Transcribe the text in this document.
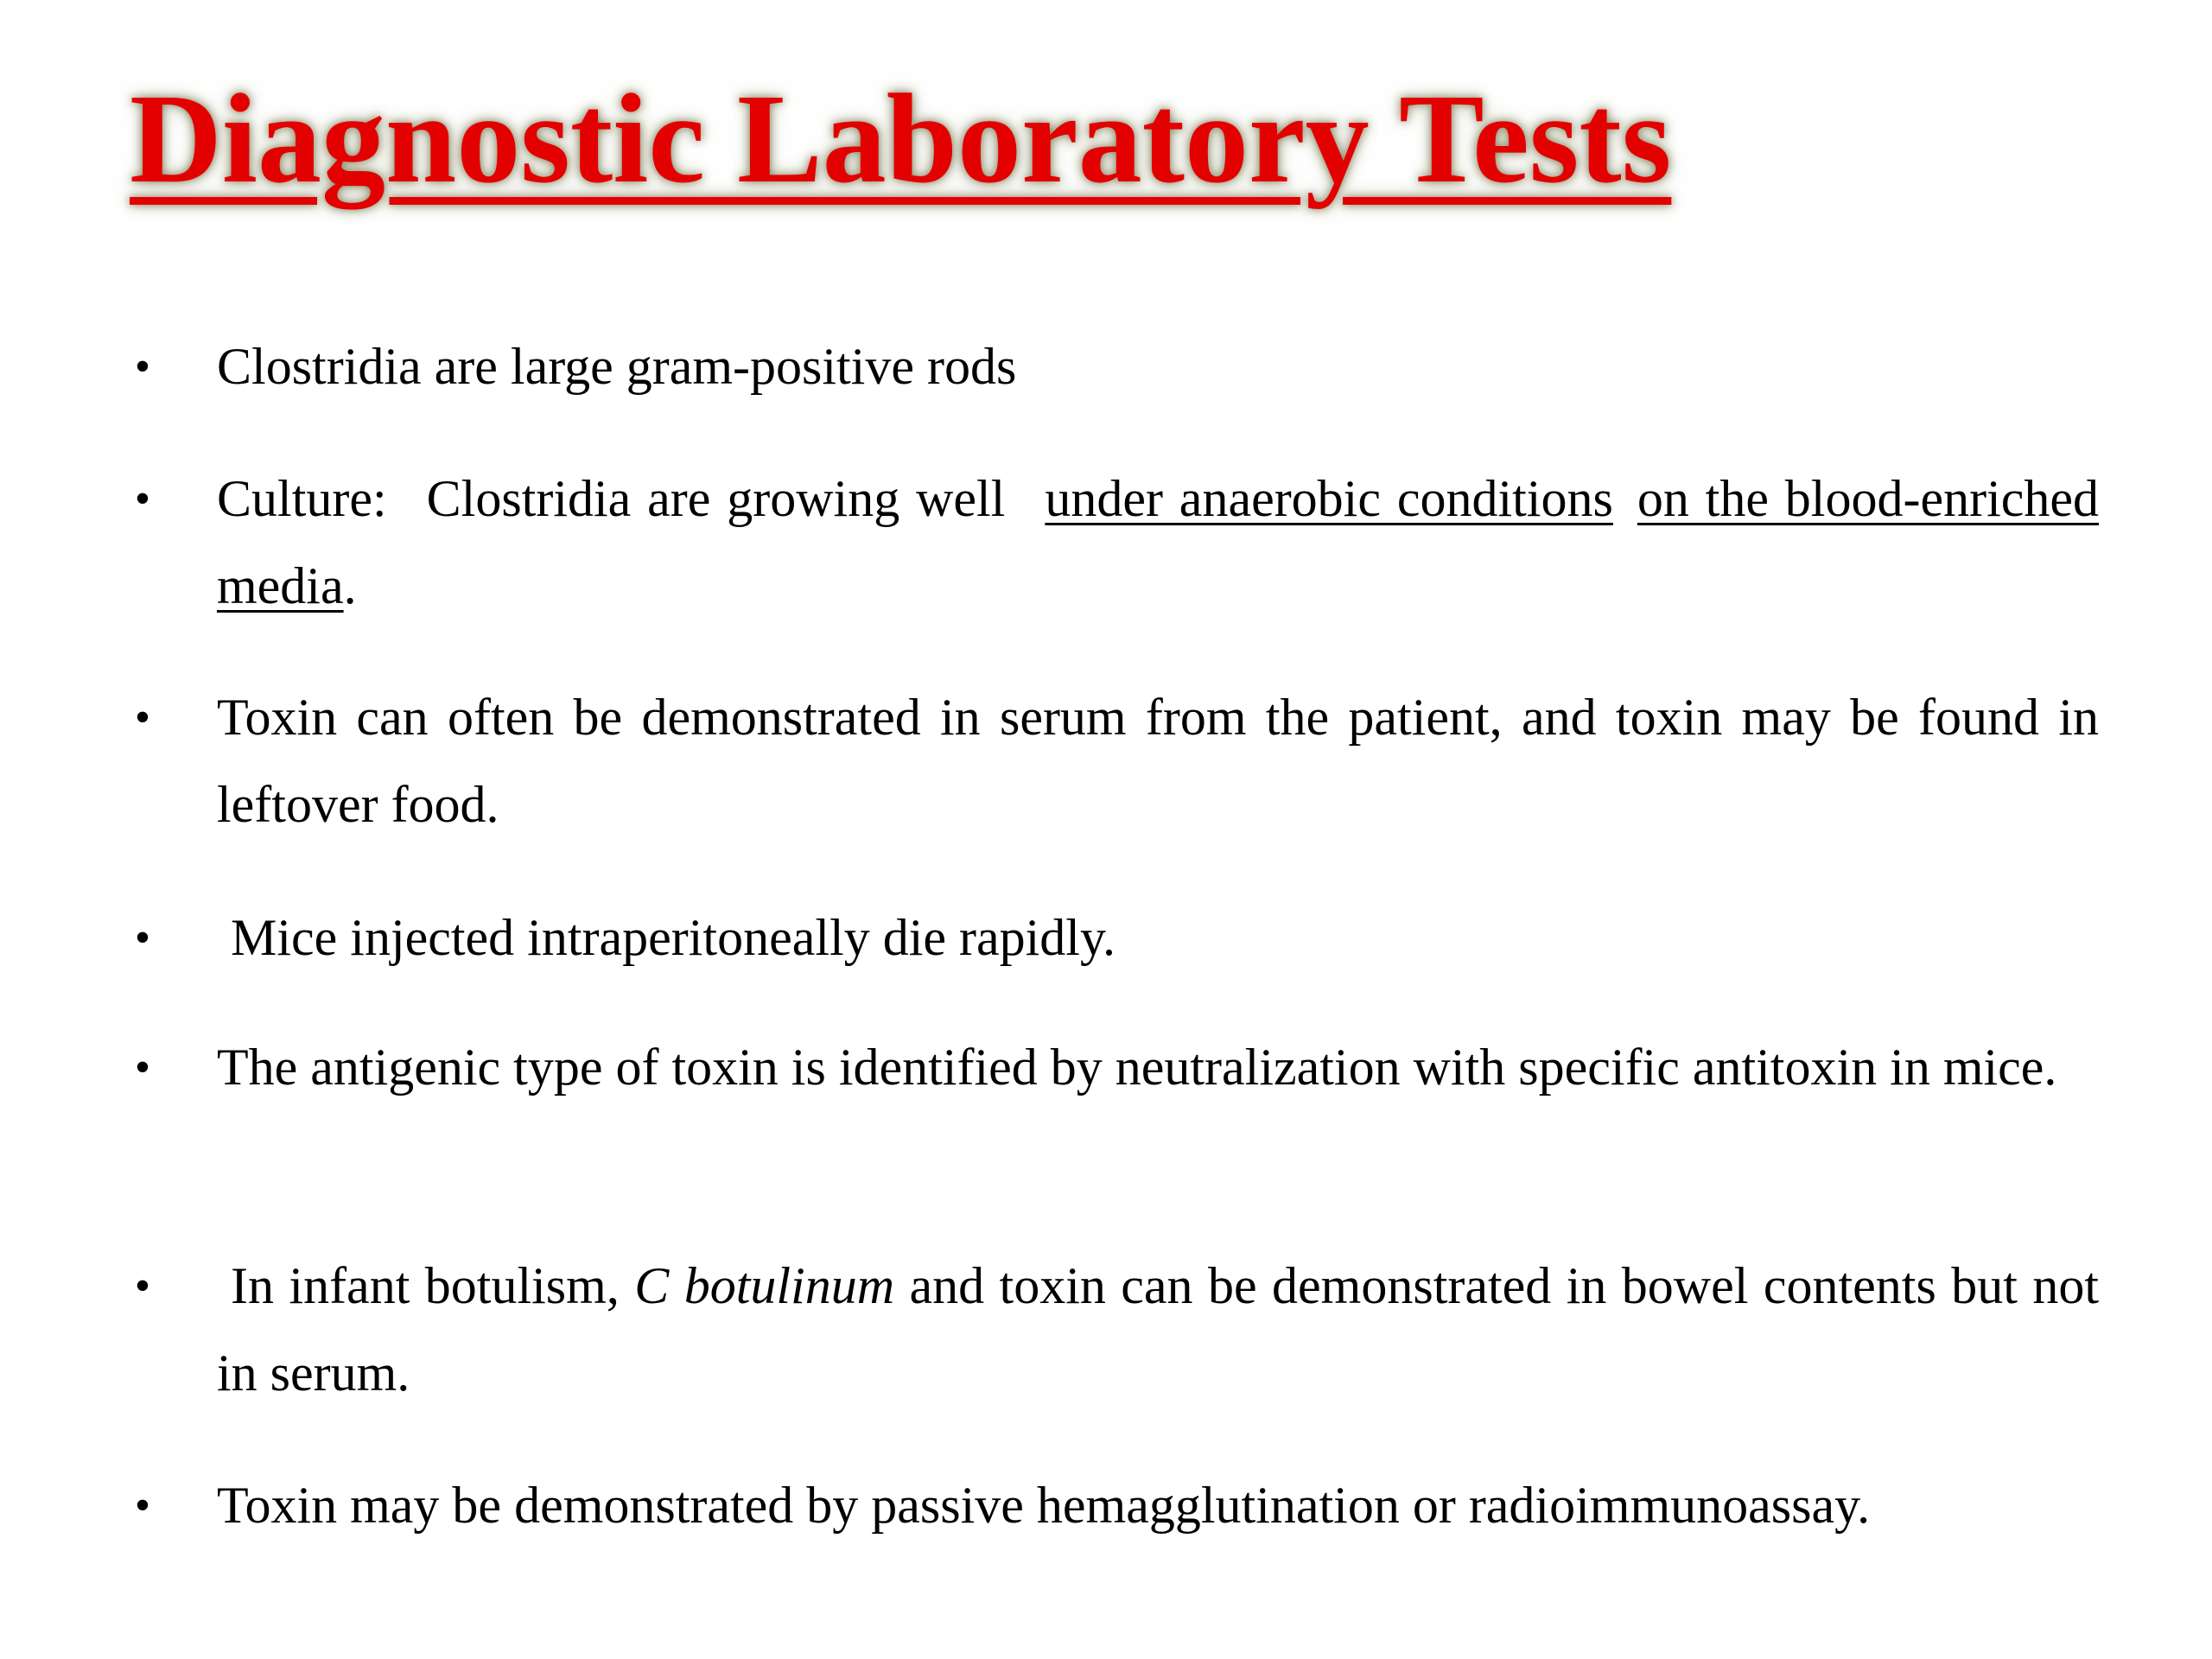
Diagnostic Laboratory Tests
• Clostridia are large gram-positive rods
• Culture: Clostridia are growing well under anaerobic conditions on the blood-enriched media.
• Toxin can often be demonstrated in serum from the patient, and toxin may be found in leftover food.
• Mice injected intraperitoneally die rapidly.
• The antigenic type of toxin is identified by neutralization with specific antitoxin in mice.
• In infant botulism, C botulinum and toxin can be demonstrated in bowel contents but not in serum.
• Toxin may be demonstrated by passive hemagglutination or radioimmunoassay.
